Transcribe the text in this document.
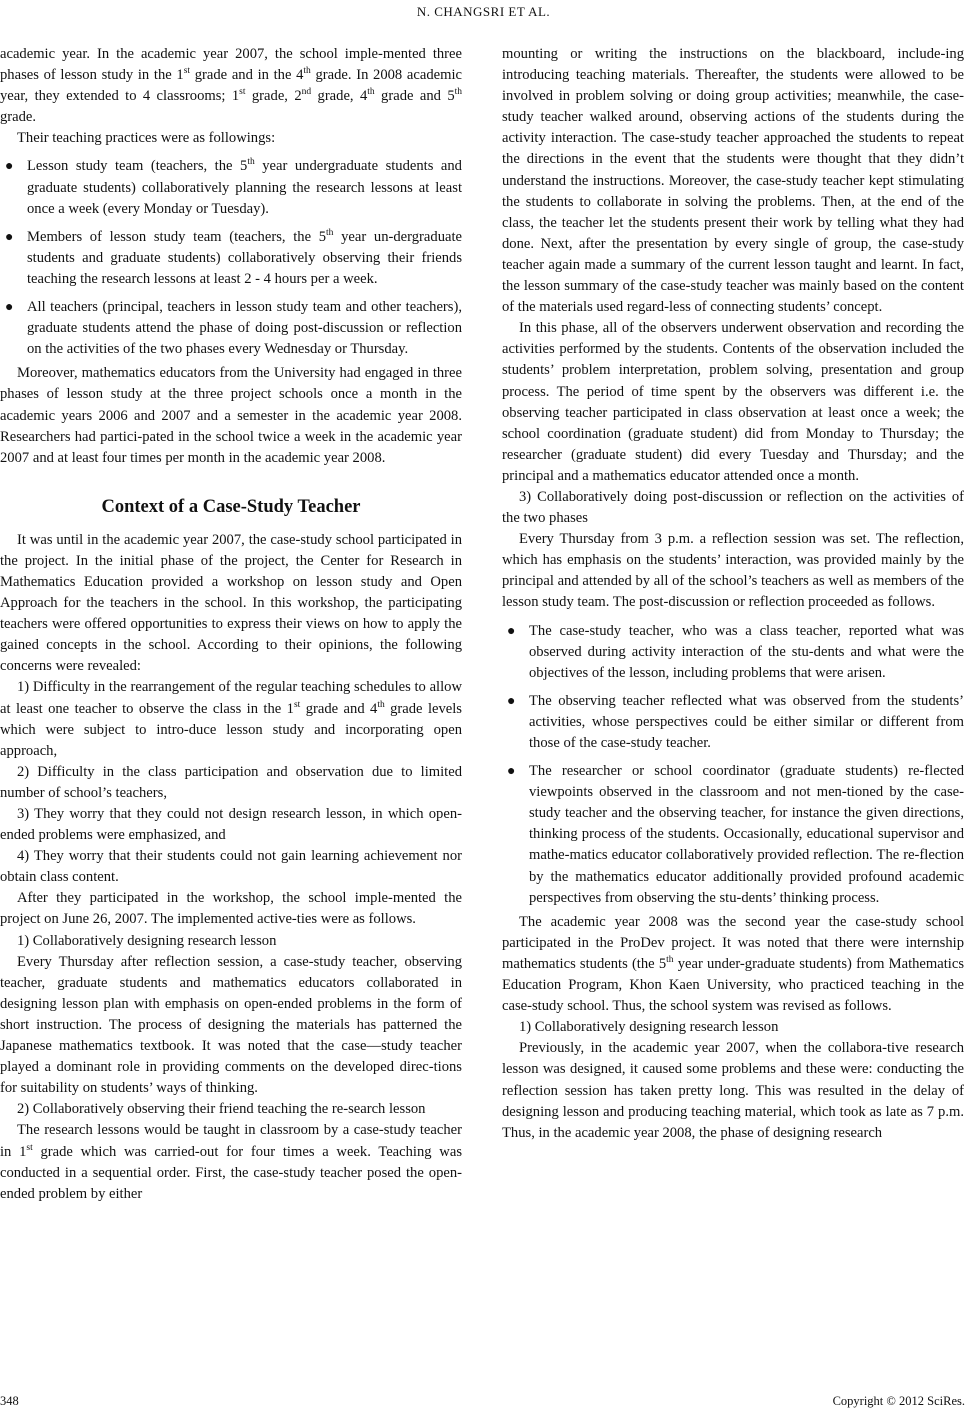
N. CHANGSRI ET AL.

academic year. In the academic year 2007, the school imple-mented three phases of lesson study in the 1st grade and in the 4th grade. In 2008 academic year, they extended to 4 classrooms; 1st grade, 2nd grade, 4th grade and 5th grade.

Their teaching practices were as followings:

● Lesson study team (teachers, the 5th year undergraduate students and graduate students) collaboratively planning the research lessons at least once a week (every Monday or Tuesday).
● Members of lesson study team (teachers, the 5th year un-dergraduate students and graduate students) collaboratively observing their friends teaching the research lessons at least 2 - 4 hours per a week.
● All teachers (principal, teachers in lesson study team and other teachers), graduate students attend the phase of doing post-discussion or reflection on the activities of the two phases every Wednesday or Thursday.

Moreover, mathematics educators from the University had engaged in three phases of lesson study at the three project schools once a month in the academic years 2006 and 2007 and a semester in the academic year 2008. Researchers had partici-pated in the school twice a week in the academic year 2007 and at least four times per month in the academic year 2008.

Context of a Case-Study Teacher

It was until in the academic year 2007, the case-study school participated in the project. In the initial phase of the project, the Center for Research in Mathematics Education provided a workshop on lesson study and Open Approach for the teachers in the school. In this workshop, the participating teachers were offered opportunities to express their views on how to apply the gained concepts in the school. According to their opinions, the following concerns were revealed:

1) Difficulty in the rearrangement of the regular teaching schedules to allow at least one teacher to observe the class in the 1st grade and 4th grade levels which were subject to intro-duce lesson study and incorporating open approach,

2) Difficulty in the class participation and observation due to limited number of school’s teachers,

3) They worry that they could not design research lesson, in which open-ended problems were emphasized, and

4) They worry that their students could not gain learning achievement nor obtain class content.

After they participated in the workshop, the school imple-mented the project on June 26, 2007. The implemented active-ties were as follows.

1) Collaboratively designing research lesson

Every Thursday after reflection session, a case-study teacher, observing teacher, graduate students and mathematics educators collaborated in designing lesson plan with emphasis on open-ended problems in the form of short instruction. The process of designing the materials has patterned the Japanese mathematics textbook. It was noted that the case—study teacher played a dominant role in providing comments on the developed direc-tions for suitability on students’ ways of thinking.

2) Collaboratively observing their friend teaching the re-search lesson

The research lessons would be taught in classroom by a case-study teacher in 1st grade which was carried-out for four times a week. Teaching was conducted in a sequential order. First, the case-study teacher posed the open-ended problem by either

mounting or writing the instructions on the blackboard, include-ing introducing teaching materials. Thereafter, the students were allowed to be involved in problem solving or doing group activities; meanwhile, the case-study teacher walked around, observing actions of the students during the activity interaction. The case-study teacher approached the students to repeat the directions in the event that the students were thought that they didn’t understand the instructions. Moreover, the case-study teacher kept stimulating the students to collaborate in solving the problems. Then, at the end of the class, the teacher let the students present their work by telling what they had done. Next, after the presentation by every single of group, the case-study teacher again made a summary of the current lesson taught and learnt. In fact, the lesson summary of the case-study teacher was mainly based on the content of the materials used regard-less of connecting students’ concept.

In this phase, all of the observers underwent observation and recording the activities performed by the students. Contents of the observation included the students’ problem interpretation, problem solving, presentation and group process. The period of time spent by the observers was different i.e. the observing teacher participated in class observation at least once a week; the school coordination (graduate student) did from Monday to Thursday; the researcher (graduate student) did every Tuesday and Thursday; and the principal and a mathematics educator attended once a month.

3) Collaboratively doing post-discussion or reflection on the activities of the two phases

Every Thursday from 3 p.m. a reflection session was set. The reflection, which has emphasis on the students’ interaction, was provided mainly by the principal and attended by all of the school’s teachers as well as members of the lesson study team. The post-discussion or reflection proceeded as follows.

● The case-study teacher, who was a class teacher, reported what was observed during activity interaction of the stu-dents and what were the objectives of the lesson, including problems that were arisen.
● The observing teacher reflected what was observed from the students’ activities, whose perspectives could be either similar or different from those of the case-study teacher.
● The researcher or school coordinator (graduate students) re-flected viewpoints observed in the classroom and not men-tioned by the case-study teacher and the observing teacher, for instance the given directions, thinking process of the students. Occasionally, educational supervisor and mathe-matics educator collaboratively provided reflection. The re-flection by the mathematics educator additionally provided profound academic perspectives from observing the stu-dents’ thinking process.

The academic year 2008 was the second year the case-study school participated in the ProDev project. It was noted that there were internship mathematics students (the 5th year under-graduate students) from Mathematics Education Program, Khon Kaen University, who practiced teaching in the case-study school. Thus, the school system was revised as follows.

1) Collaboratively designing research lesson

Previously, in the academic year 2007, when the collabora-tive research lesson was designed, it caused some problems and these were: conducting the reflection session has taken pretty long. This was resulted in the delay of designing lesson and producing teaching material, which took as late as 7 p.m. Thus, in the academic year 2008, the phase of designing research

348	Copyright © 2012 SciRes.
